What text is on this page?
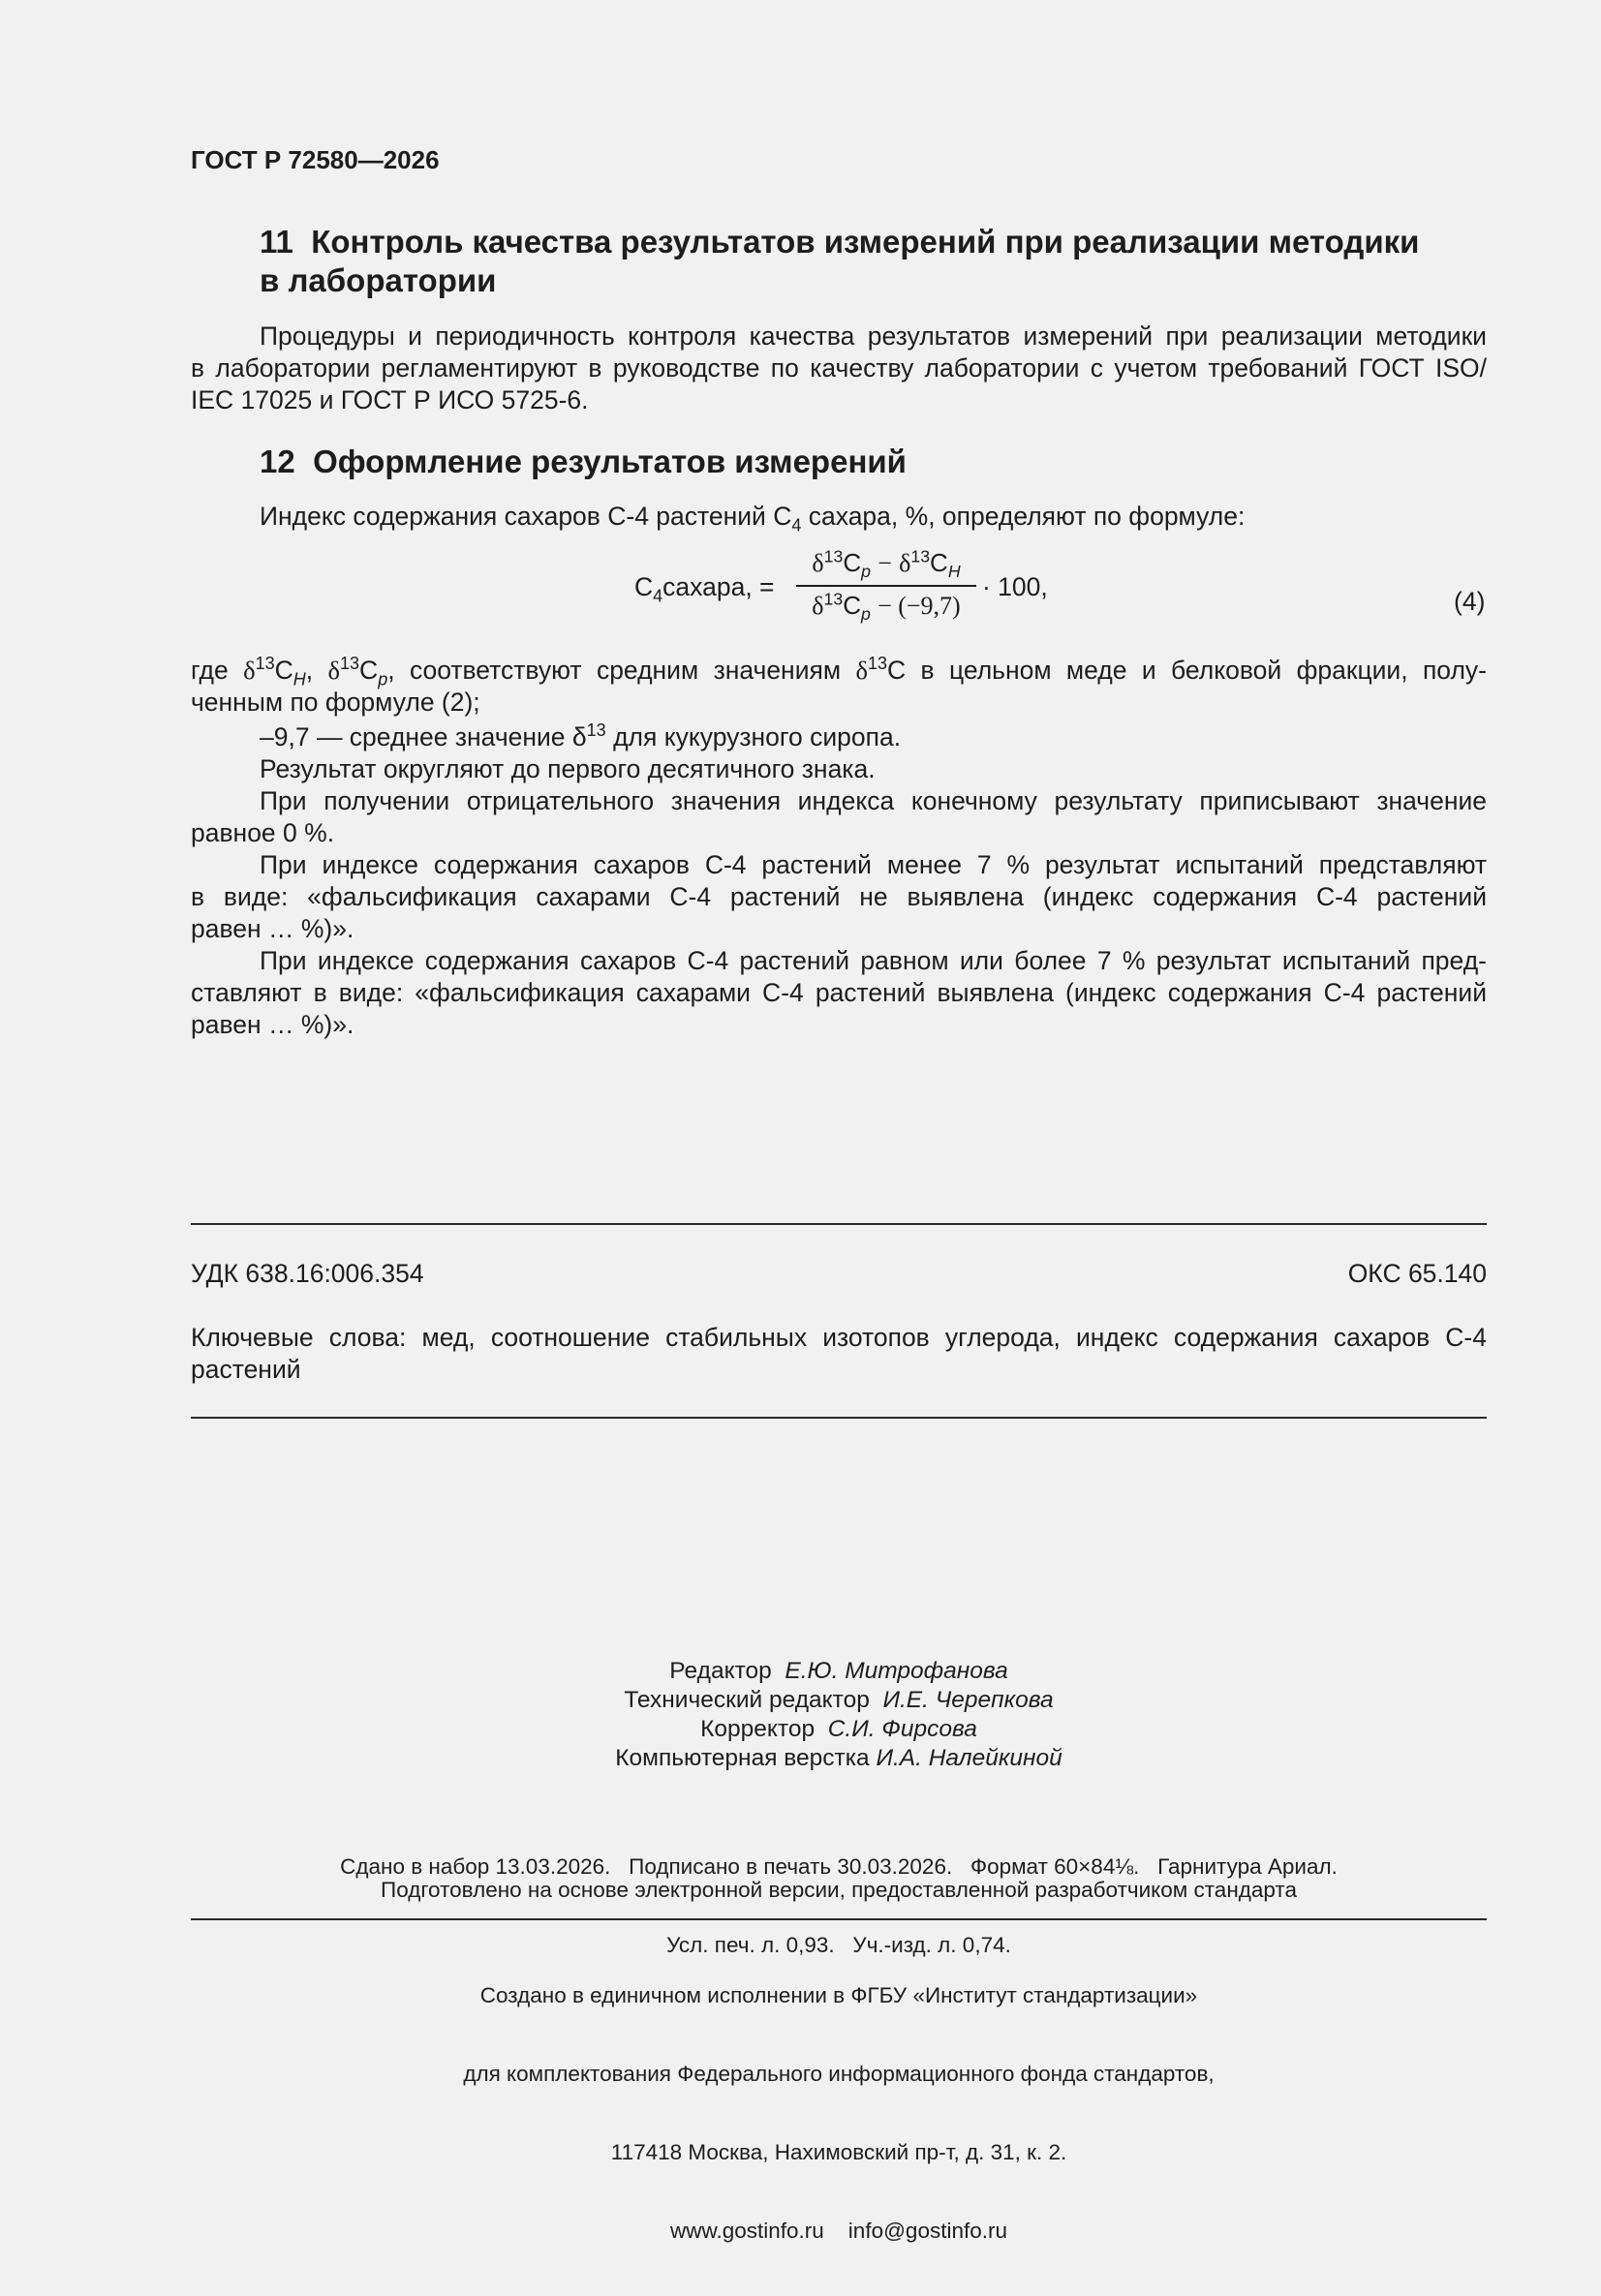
ГОСТ Р 72580—2026
11 Контроль качества результатов измерений при реализации методики
в лаборатории
Процедуры и периодичность контроля качества результатов измерений при реализации методики
в лаборатории регламентируют в руководстве по качеству лаборатории с учетом требований ГОСТ ISO/
IEC 17025 и ГОСТ Р ИСО 5725-6.
12 Оформление результатов измерений
Индекс содержания сахаров С-4 растений $С_4$ сахара, %, определяют по формуле:
$С_4сахара$, =
$\delta^{13}C_p - \delta^{13}C_H$
$\delta^{13}C_p - (-9,7)$
· 100,	(4)
где $\delta^{13}C_H$, $\delta^{13}C_p$, соответствуют средним значениям $\delta^{13}C$ в цельном меде и белковой фракции, полу-
ченным по формуле (2);
–9,7 — среднее значение $\delta^{13}$ для кукурузного сиропа.
Результат округляют до первого десятичного знака.
При получении отрицательного значения индекса конечному результату приписывают значение
равное 0 %.
При индексе содержания сахаров С-4 растений менее 7 % результат испытаний представляют
в виде: «фальсификация сахарами С-4 растений не выявлена (индекс содержания С-4 растений
равен … %)».
При индексе содержания сахаров С-4 растений равном или более 7 % результат испытаний пред-
ставляют в виде: «фальсификация сахарами С-4 растений выявлена (индекс содержания С-4 растений
равен … %)».
УДК 638.16:006.354	ОКС 65.140
Ключевые слова: мед, соотношение стабильных изотопов углерода, индекс содержания сахаров С-4
растений
Редактор Е.Ю. Митрофанова
Технический редактор И.Е. Черепкова
Корректор С.И. Фирсова
Компьютерная верстка И.А. Налейкиной

Сдано в набор 13.03.2026.   Подписано в печать 30.03.2026.   Формат 60×84⅛.   Гарнитура Ариал.

Усл. печ. л. 0,93.   Уч.-изд. л. 0,74.

Подготовлено на основе электронной версии, предоставленной разработчиком стандарта

Создано в единичном исполнении в ФГБУ «Институт стандартизации»

для комплектования Федерального информационного фонда стандартов,

117418 Москва, Нахимовский пр-т, д. 31, к. 2.

www.gostinfo.ru    info@gostinfo.ru
